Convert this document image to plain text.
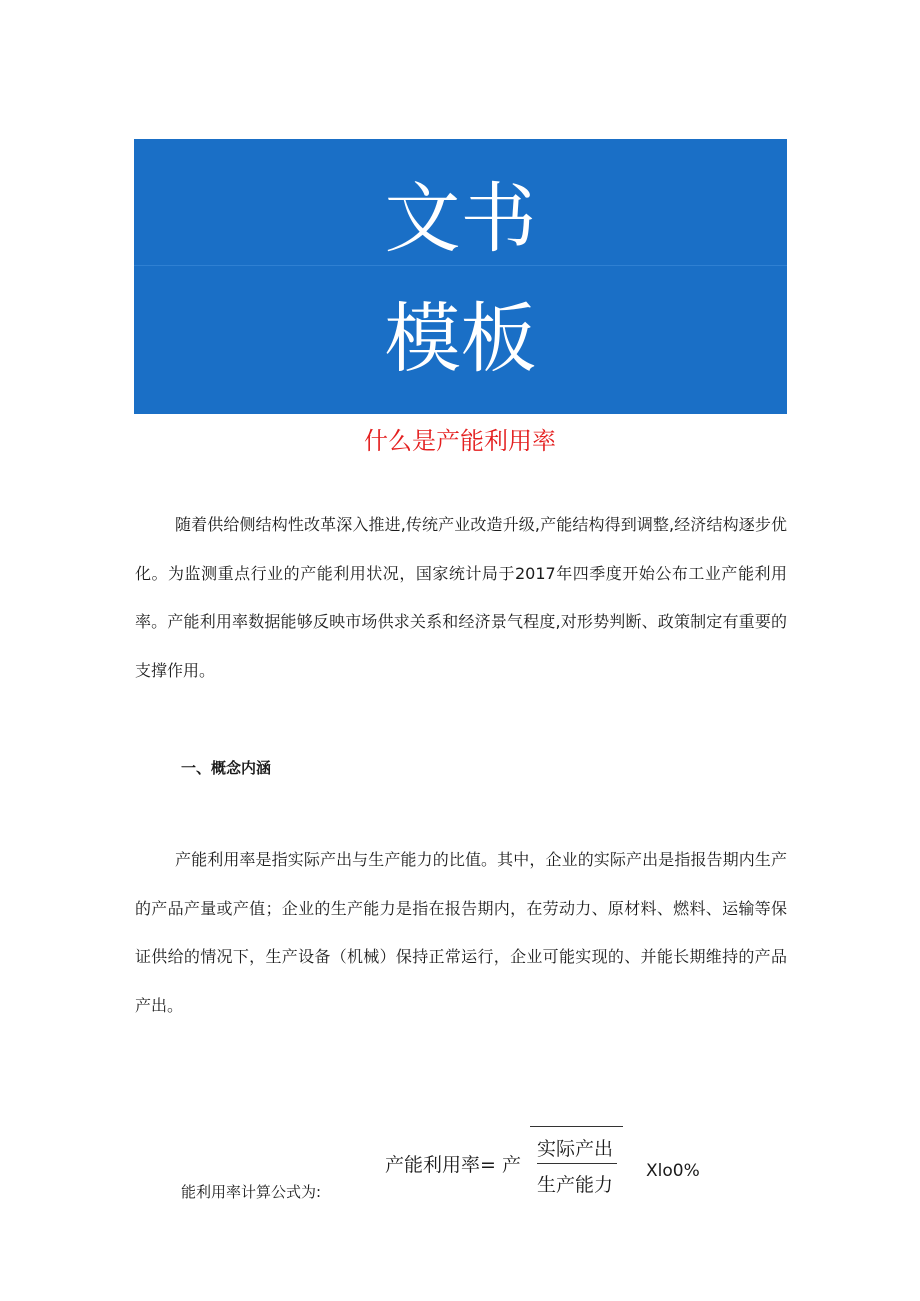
文书
模板
什么是产能利用率

随着供给侧结构性改革深入推进,传统产业改造升级,产能结构得到调整,经济结构逐步优化。为监测重点行业的产能利用状况，国家统计局于2017年四季度开始公布工业产能利用率。产能利用率数据能够反映市场供求关系和经济景气程度,对形势判断、政策制定有重要的支撑作用。

一、概念内涵

产能利用率是指实际产出与生产能力的比值。其中，企业的实际产出是指报告期内生产的产品产量或产值；企业的生产能力是指在报告期内，在劳动力、原材料、燃料、运输等保证供给的情况下，生产设备（机械）保持正常运行，企业可能实现的、并能长期维持的产品产出。

能利用率计算公式为:
产能利用率= 产
实际产出
生产能力
Xlo0%
